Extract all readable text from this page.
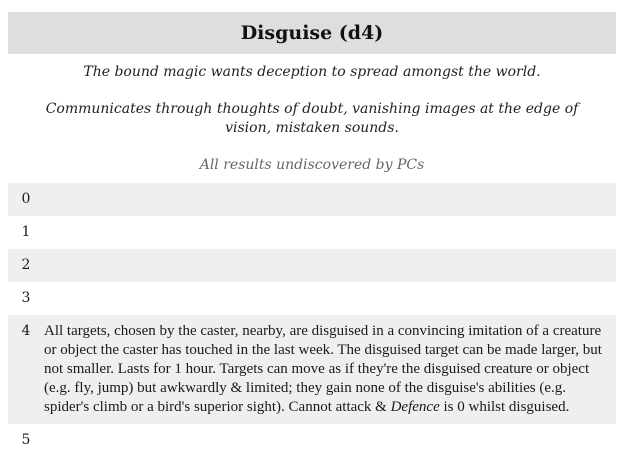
Disguise (d4)
The bound magic wants deception to spread amongst the world.
Communicates through thoughts of doubt, vanishing images at the edge of vision, mistaken sounds.
All results undiscovered by PCs
0
1
2
3
4 All targets, chosen by the caster, nearby, are disguised in a convincing imitation of a creature or object the caster has touched in the last week. The disguised target can be made larger, but not smaller. Lasts for 1 hour. Targets can move as if they're the disguised creature or object (e.g. fly, jump) but awkwardly & limited; they gain none of the disguise's abilities (e.g. spider's climb or a bird's superior sight). Cannot attack & Defence is 0 whilst disguised.
5
